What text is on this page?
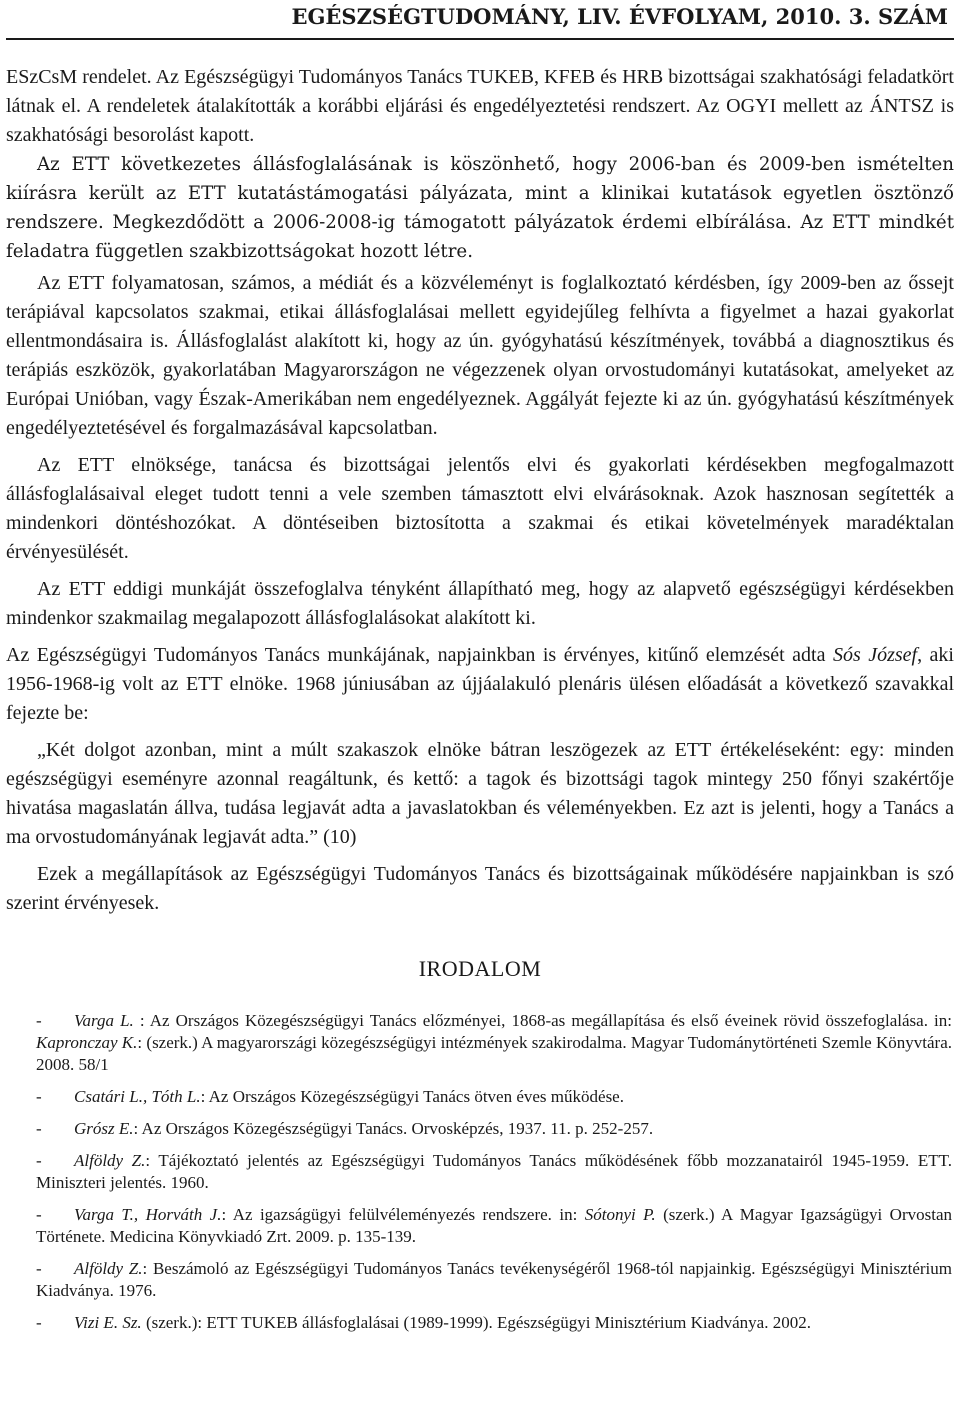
EGÉSZSÉGTUDOMÁNY, LIV. ÉVFOLYAM, 2010. 3. SZÁM

ESzCsM rendelet. Az Egészségügyi Tudományos Tanács TUKEB, KFEB és HRB bizottságai szakhatósági feladatkört látnak el. A rendeletek átalakították a korábbi eljárási és engedélyeztetési rendszert. Az OGYI mellett az ÁNTSZ is szakhatósági besorolást kapott.

Az ETT következetes állásfoglalásának is köszönhető, hogy 2006-ban és 2009-ben ismételten kiírásra került az ETT kutatástámogatási pályázata, mint a klinikai kutatások egyetlen ösztönző rendszere. Megkezdődött a 2006-2008-ig támogatott pályázatok érdemi elbírálása. Az ETT mindkét feladatra független szakbizottságokat hozott létre.

Az ETT folyamatosan, számos, a médiát és a közvéleményt is foglalkoztató kérdésben, így 2009-ben az őssejt terápiával kapcsolatos szakmai, etikai állásfoglalásai mellett egyidejűleg felhívta a figyelmet a hazai gyakorlat ellentmondásaira is. Állásfoglalást alakított ki, hogy az ún. gyógyhatású készítmények, továbbá a diagnosztikus és terápiás eszközök, gyakorlatában Magyarországon ne végezzenek olyan orvostudományi kutatásokat, amelyeket az Európai Unióban, vagy Észak-Amerikában nem engedélyeznek. Aggályát fejezte ki az ún. gyógyhatású készítmények engedélyeztetésével és forgalmazásával kapcsolatban.

Az ETT elnöksége, tanácsa és bizottságai jelentős elvi és gyakorlati kérdésekben megfogalmazott állásfoglalásaival eleget tudott tenni a vele szemben támasztott elvi elvárásoknak. Azok hasznosan segítették a mindenkori döntéshozókat. A döntéseiben biztosította a szakmai és etikai követelmények maradéktalan érvényesülését.

Az ETT eddigi munkáját összefoglalva tényként állapítható meg, hogy az alapvető egészségügyi kérdésekben mindenkor szakmailag megalapozott állásfoglalásokat alakított ki.

Az Egészségügyi Tudományos Tanács munkájának, napjainkban is érvényes, kitűnő elemzését adta Sós József, aki 1956-1968-ig volt az ETT elnöke. 1968 júniusában az újjáalakuló plenáris ülésen előadását a következő szavakkal fejezte be:

„Két dolgot azonban, mint a múlt szakaszok elnöke bátran leszögezek az ETT értékeléseként: egy: minden egészségügyi eseményre azonnal reagáltunk, és kettő: a tagok és bizottsági tagok mintegy 250 főnyi szakértője hivatása magaslatán állva, tudása legjavát adta a javaslatokban és véleményekben. Ez azt is jelenti, hogy a Tanács a ma orvostudományának legjavát adta.” (10)

Ezek a megállapítások az Egészségügyi Tudományos Tanács és bizottságainak működésére napjainkban is szó szerint érvényesek.

IRODALOM
- Varga L. : Az Országos Közegészségügyi Tanács előzményei, 1868-as megállapítása és első éveinek rövid összefoglalása. in: Kapronczay K.: (szerk.) A magyarországi közegészségügyi intézmények szakirodalma. Magyar Tudománytörténeti Szemle Könyvtára. 2008. 58/1
- Csatári L., Tóth L.: Az Országos Közegészségügyi Tanács ötven éves működése.
- Grósz E.: Az Országos Közegészségügyi Tanács. Orvosképzés, 1937. 11. p. 252-257.
- Alföldy Z.: Tájékoztató jelentés az Egészségügyi Tudományos Tanács működésének főbb mozzanatairól 1945-1959. ETT. Miniszteri jelentés. 1960.
- Varga T., Horváth J.: Az igazságügyi felülvéleményezés rendszere. in: Sótonyi P. (szerk.) A Magyar Igazságügyi Orvostan Története. Medicina Könyvkiadó Zrt. 2009. p. 135-139.
- Alföldy Z.: Beszámoló az Egészségügyi Tudományos Tanács tevékenységéről 1968-tól napjainkig. Egészségügyi Minisztérium Kiadványa. 1976.
- Vizi E. Sz. (szerk.): ETT TUKEB állásfoglalásai (1989-1999). Egészségügyi Minisztérium Kiadványa. 2002.
